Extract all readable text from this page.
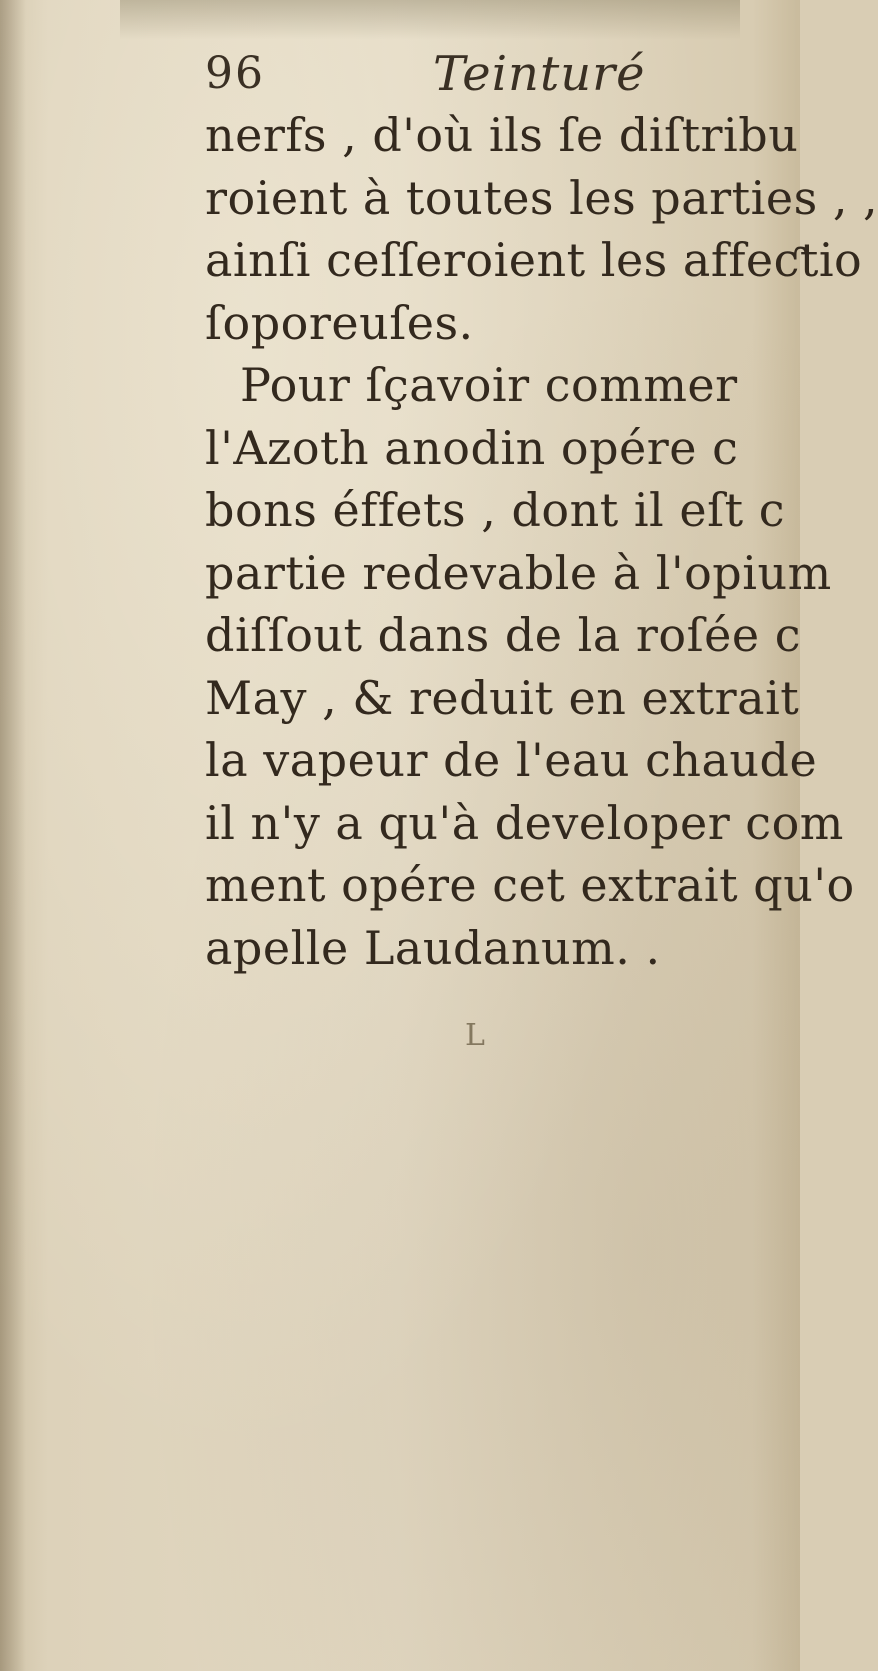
96	Teinturé
nerfs , d'où ils ſe diſtribu
roient à toutes les parties , ,
ainſi ceſſeroient les affeƈtio
ſoporeuſes.
Pour ſçavoir commer
l'Azoth anodin opére c
bons éffets , dont il eſt c
partie redevable à l'opium
diſſout dans de la roſée c
May , & reduit en extrait
la vapeur de l'eau chaude
il n'y a qu'à developer com
ment opére cet extrait qu'o
apelle Laudanum. .
L
